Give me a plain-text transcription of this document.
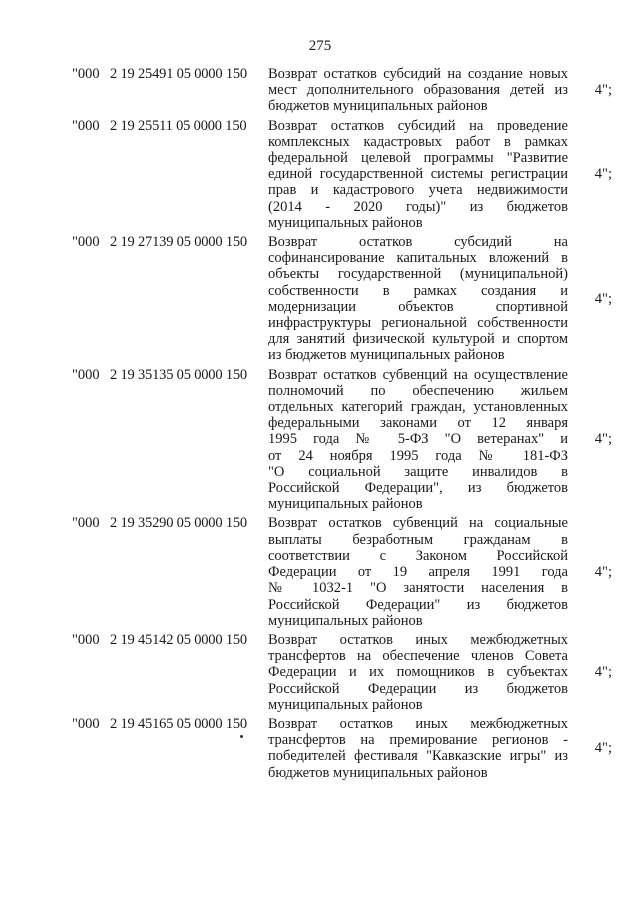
275
"000 2 19 25491 05 0000 150	Возврат остатков субсидий на создание новых
мест дополнительного образования детей из
бюджетов муниципальных районов
4";
"000 2 19 25511 05 0000 150	Возврат остатков субсидий на проведение
комплексных кадастровых работ в рамках
федеральной целевой программы "Развитие
единой государственной системы регистрации
прав и кадастрового учета недвижимости
(2014 - 2020 годы)" из бюджетов
муниципальных районов
4";
"000 2 19 27139 05 0000 150	Возврат остатков субсидий на
софинансирование капитальных вложений в
объекты государственной (муниципальной)
собственности в рамках создания и
модернизации объектов спортивной
инфраструктуры региональной собственности
для занятий физической культурой и спортом
из бюджетов муниципальных районов
4";
"000 2 19 35135 05 0000 150	Возврат остатков субвенций на осуществление
полномочий по обеспечению жильем
отдельных категорий граждан, установленных
федеральными законами от 12 января
1995 года № 5-ФЗ "О ветеранах" и
от 24 ноября 1995 года № 181-ФЗ
"О социальной защите инвалидов в
Российской Федерации", из бюджетов
муниципальных районов
4";
"000 2 19 35290 05 0000 150	Возврат остатков субвенций на социальные
выплаты безработным гражданам в
соответствии с Законом Российской
Федерации от 19 апреля 1991 года
№ 1032-1 "О занятости населения в
Российской Федерации" из бюджетов
муниципальных районов
4";
"000 2 19 45142 05 0000 150	Возврат остатков иных межбюджетных
трансфертов на обеспечение членов Совета
Федерации и их помощников в субъектах
Российской Федерации из бюджетов
муниципальных районов
4";
"000 2 19 45165 05 0000 150	Возврат остатков иных межбюджетных
трансфертов на премирование регионов -
победителей фестиваля "Кавказские игры" из
бюджетов муниципальных районов
4";
